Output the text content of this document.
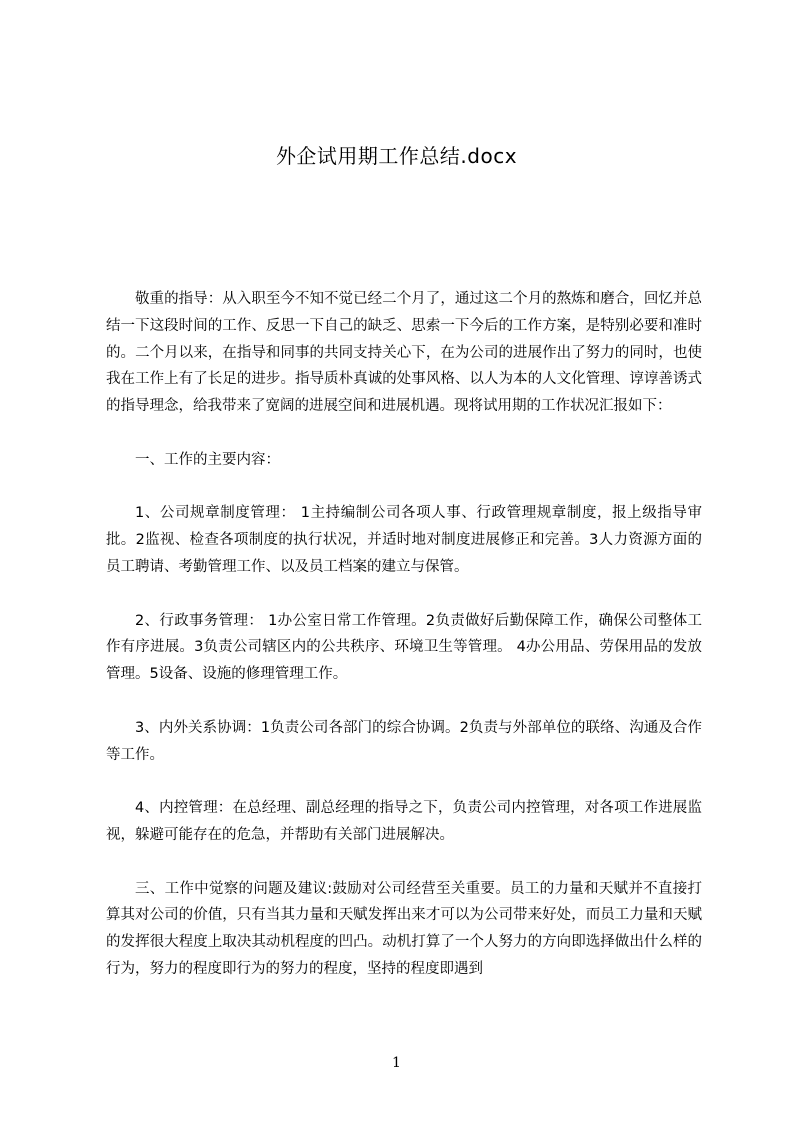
外企试用期工作总结.docx

敬重的指导：从入职至今不知不觉已经二个月了，通过这二个月的熬炼和磨合，回忆并总结一下这段时间的工作、反思一下自己的缺乏、思索一下今后的工作方案，是特别必要和准时的。二个月以来，在指导和同事的共同支持关心下，在为公司的进展作出了努力的同时，也使我在工作上有了长足的进步。指导质朴真诚的处事风格、以人为本的人文化管理、谆谆善诱式的指导理念，给我带来了宽阔的进展空间和进展机遇。现将试用期的工作状况汇报如下：

一、工作的主要内容：

1、公司规章制度管理： 1主持编制公司各项人事、行政管理规章制度，报上级指导审批。2监视、检查各项制度的执行状况，并适时地对制度进展修正和完善。3人力资源方面的员工聘请、考勤管理工作、以及员工档案的建立与保管。

2、行政事务管理： 1办公室日常工作管理。2负责做好后勤保障工作，确保公司整体工作有序进展。3负责公司辖区内的公共秩序、环境卫生等管理。 4办公用品、劳保用品的发放管理。5设备、设施的修理管理工作。

3、内外关系协调：1负责公司各部门的综合协调。2负责与外部单位的联络、沟通及合作等工作。

4、内控管理：在总经理、副总经理的指导之下，负责公司内控管理，对各项工作进展监视，躲避可能存在的危急，并帮助有关部门进展解决。

三、工作中觉察的问题及建议:鼓励对公司经营至关重要。员工的力量和天赋并不直接打算其对公司的价值，只有当其力量和天赋发挥出来才可以为公司带来好处，而员工力量和天赋的发挥很大程度上取决其动机程度的凹凸。动机打算了一个人努力的方向即选择做出什么样的行为，努力的程度即行为的努力的程度，坚持的程度即遇到

1
